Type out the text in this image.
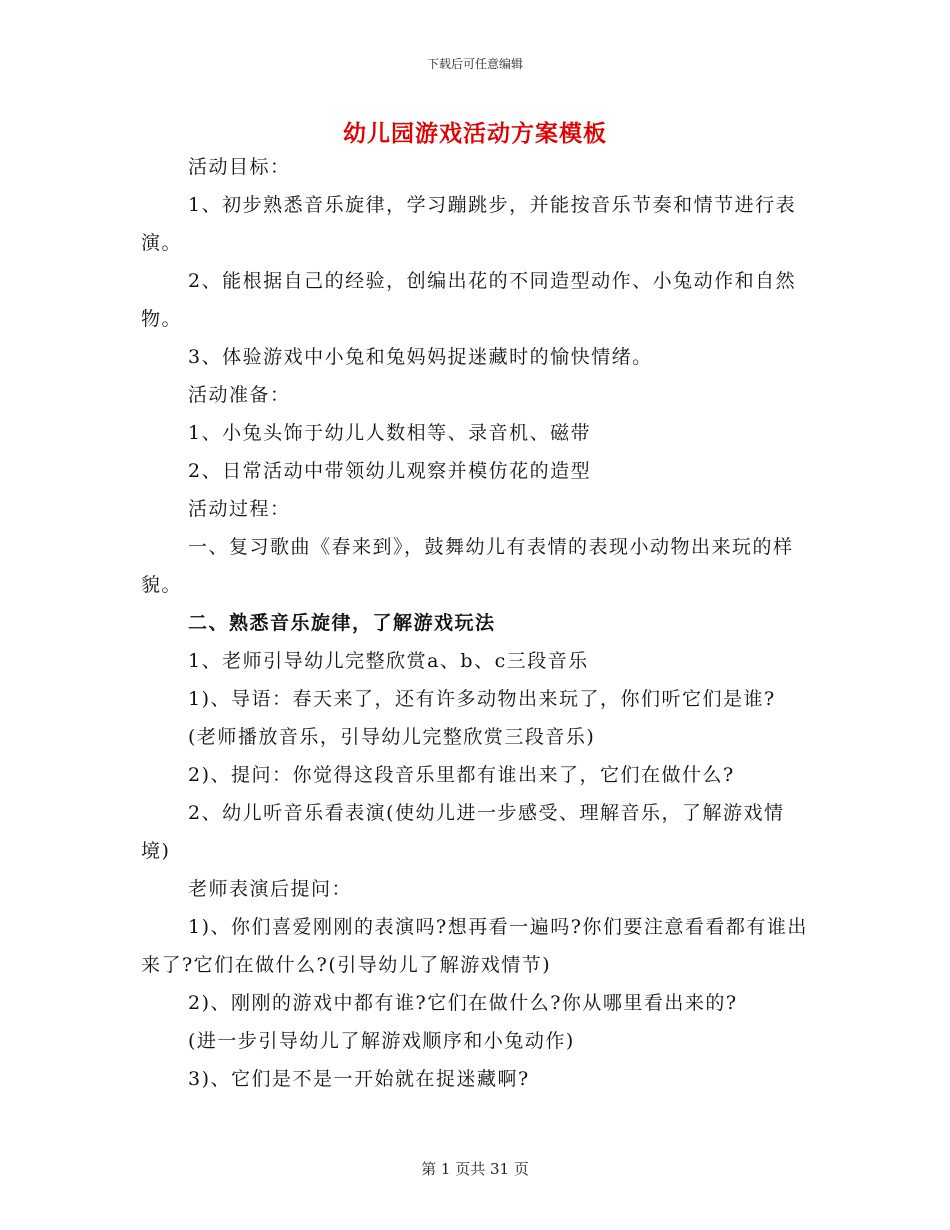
下载后可任意编辑
幼儿园游戏活动方案模板

活动目标：

1、初步熟悉音乐旋律，学习蹦跳步，并能按音乐节奏和情节进行表演。

2、能根据自己的经验，创编出花的不同造型动作、小兔动作和自然物。

3、体验游戏中小兔和兔妈妈捉迷藏时的愉快情绪。

活动准备：

1、小兔头饰于幼儿人数相等、录音机、磁带

2、日常活动中带领幼儿观察并模仿花的造型

活动过程：

一、复习歌曲《春来到》，鼓舞幼儿有表情的表现小动物出来玩的样貌。

二、熟悉音乐旋律，了解游戏玩法

1、老师引导幼儿完整欣赏a、b、c三段音乐

1)、导语：春天来了，还有许多动物出来玩了，你们听它们是谁?

(老师播放音乐，引导幼儿完整欣赏三段音乐)

2)、提问：你觉得这段音乐里都有谁出来了，它们在做什么?

2、幼儿听音乐看表演(使幼儿进一步感受、理解音乐，了解游戏情境)

老师表演后提问：

1)、你们喜爱刚刚的表演吗?想再看一遍吗?你们要注意看看都有谁出来了?它们在做什么?(引导幼儿了解游戏情节)

2)、刚刚的游戏中都有谁?它们在做什么?你从哪里看出来的?

(进一步引导幼儿了解游戏顺序和小兔动作)

3)、它们是不是一开始就在捉迷藏啊?

第 1 页共 31 页
